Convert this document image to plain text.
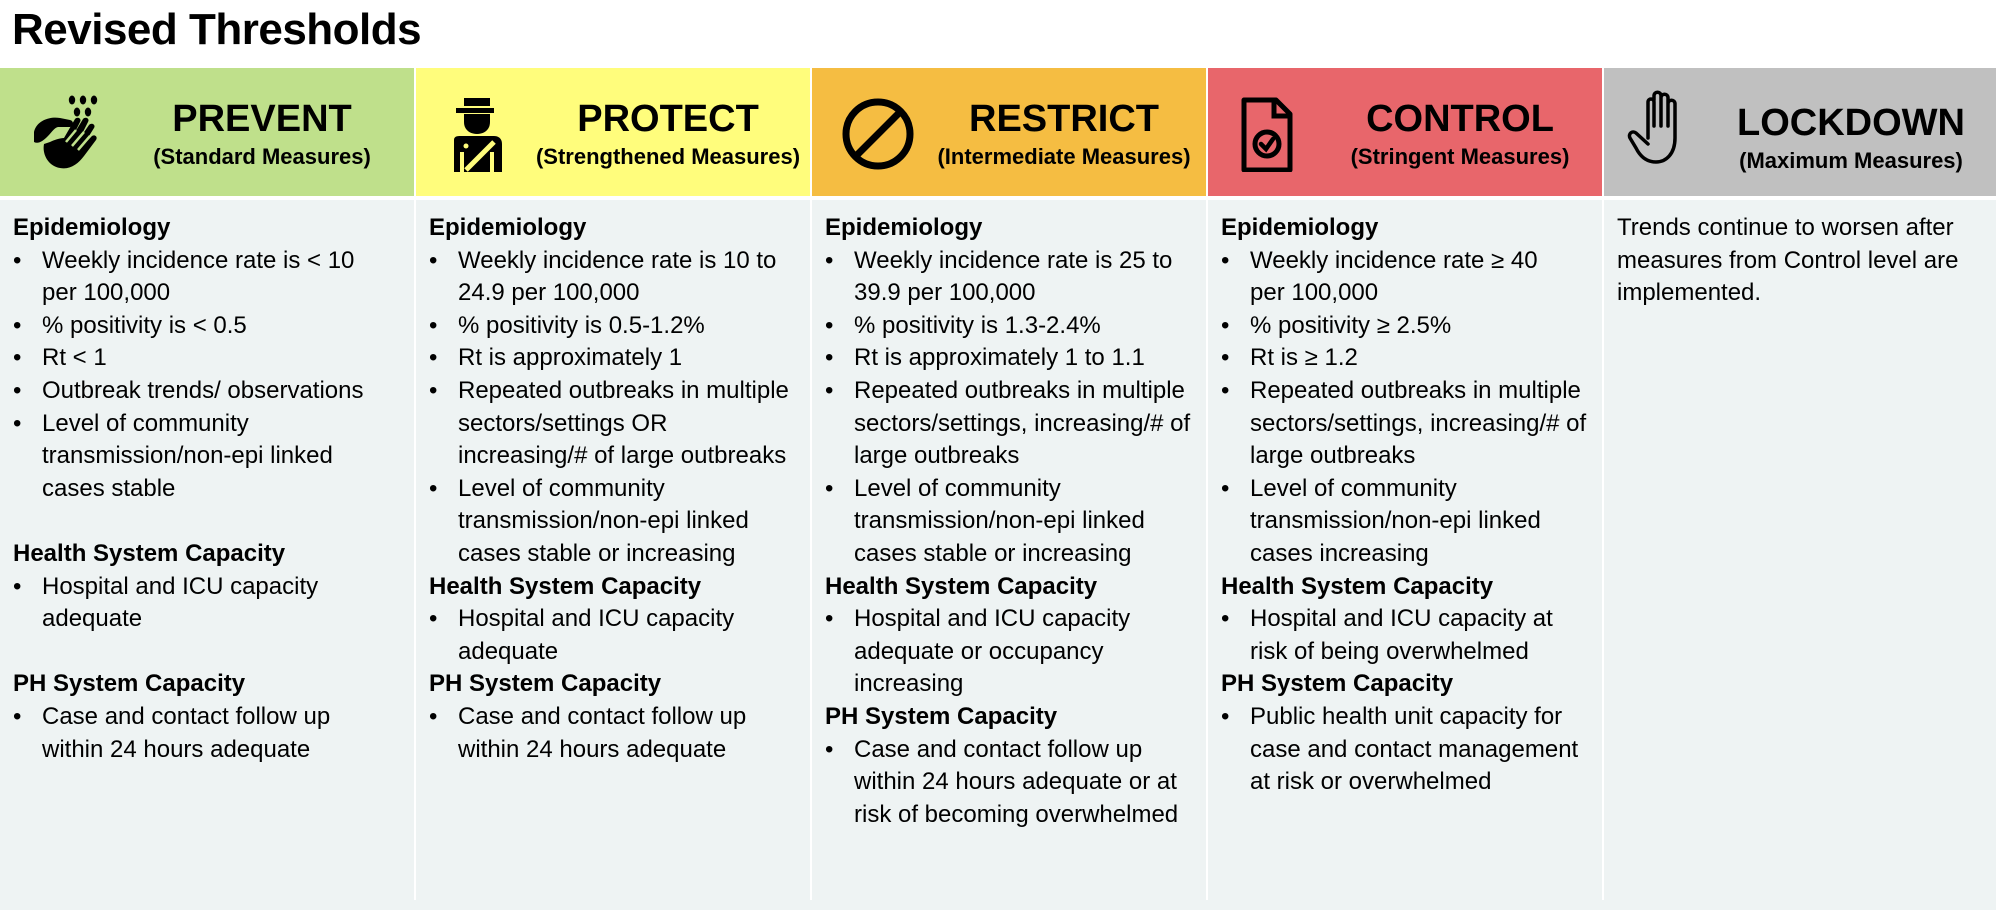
Revised Thresholds
PREVENT
(Standard Measures)
PROTECT
(Strengthened Measures)
RESTRICT
(Intermediate Measures)
CONTROL
(Stringent Measures)
LOCKDOWN
(Maximum Measures)
Epidemiology
• Weekly incidence rate is < 10 per 100,000
• % positivity is < 0.5
• Rt < 1
• Outbreak trends/ observations
• Level of community transmission/non-epi linked cases stable
Health System Capacity
• Hospital and ICU capacity adequate
PH System Capacity
• Case and contact follow up within 24 hours adequate
Epidemiology
• Weekly incidence rate is 10 to 24.9 per 100,000
• % positivity is 0.5-1.2%
• Rt is approximately 1
• Repeated outbreaks in multiple sectors/settings OR increasing/# of large outbreaks
• Level of community transmission/non-epi linked cases stable or increasing
Health System Capacity
• Hospital and ICU capacity adequate
PH System Capacity
• Case and contact follow up within 24 hours adequate
Epidemiology
• Weekly incidence rate is 25 to 39.9 per 100,000
• % positivity is 1.3-2.4%
• Rt is approximately 1 to 1.1
• Repeated outbreaks in multiple sectors/settings, increasing/# of large outbreaks
• Level of community transmission/non-epi linked cases stable or increasing
Health System Capacity
• Hospital and ICU capacity adequate or occupancy increasing
PH System Capacity
• Case and contact follow up within 24 hours adequate or at risk of becoming overwhelmed
Epidemiology
• Weekly incidence rate ≥ 40 per 100,000
• % positivity ≥ 2.5%
• Rt is ≥ 1.2
• Repeated outbreaks in multiple sectors/settings, increasing/# of large outbreaks
• Level of community transmission/non-epi linked cases increasing
Health System Capacity
• Hospital and ICU capacity at risk of being overwhelmed
PH System Capacity
• Public health unit capacity for case and contact management at risk or overwhelmed
Trends continue to worsen after measures from Control level are implemented.
